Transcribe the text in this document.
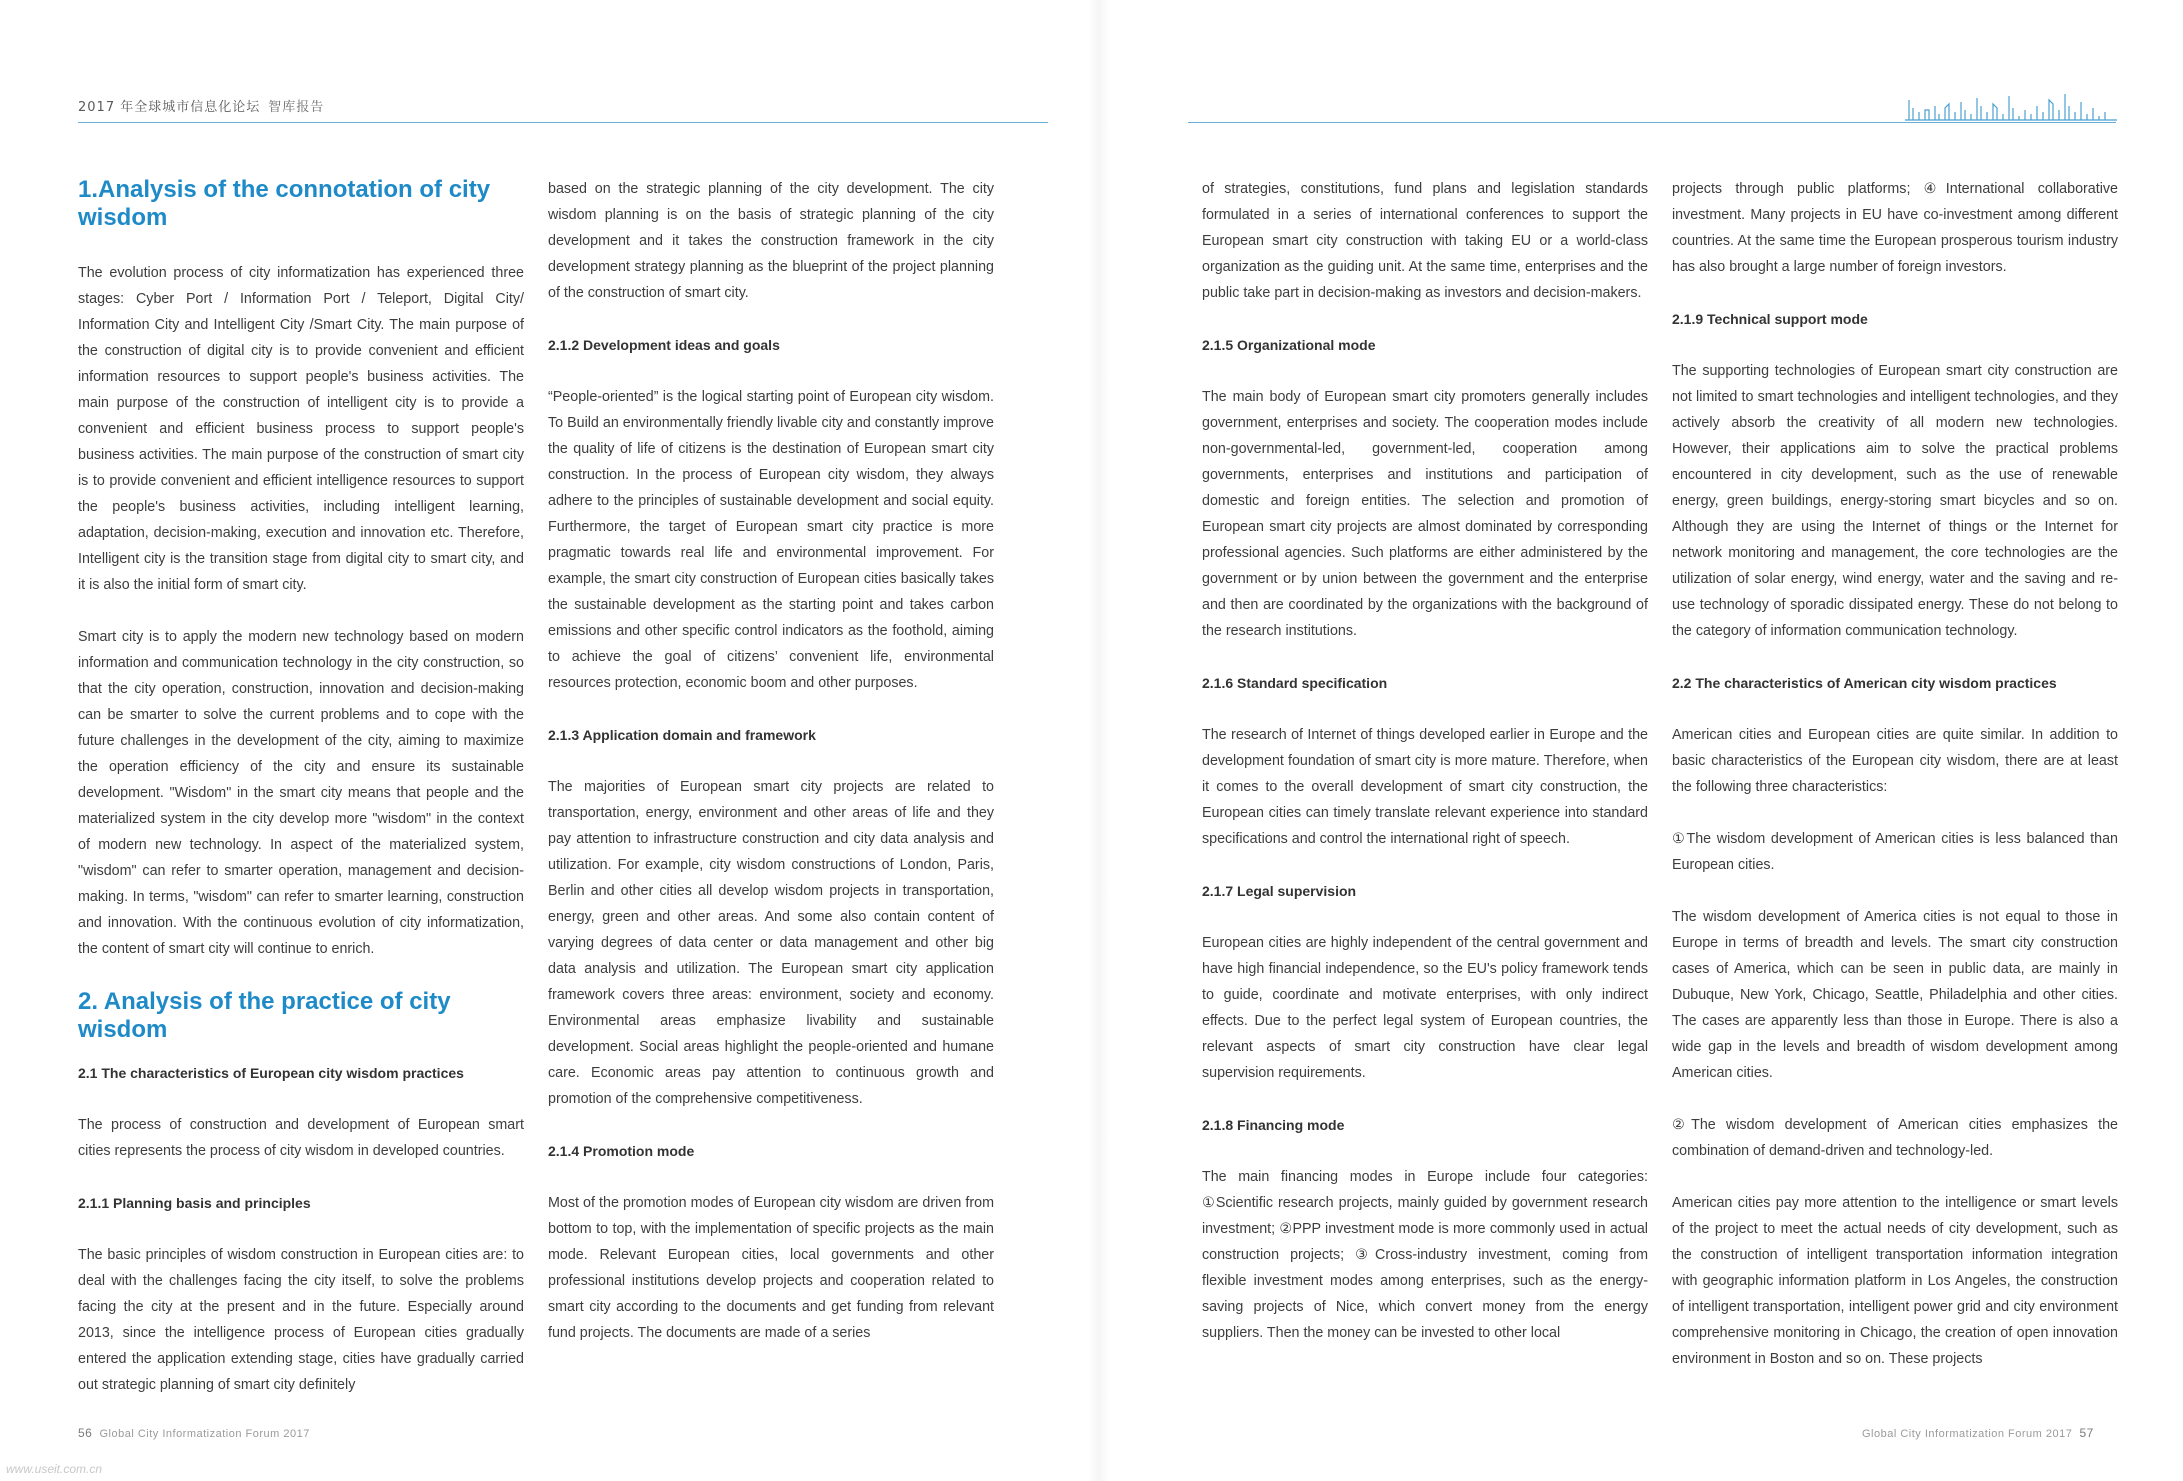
2017 年全球城市信息化论坛 智库报告
1.Analysis of the connotation of city wisdom

The evolution process of city informatization has experienced three stages: Cyber Port / Information Port / Teleport, Digital City/ Information City and Intelligent City /Smart City. The main purpose of the construction of digital city is to provide convenient and efficient information resources to support people's business activities. The main purpose of the construction of intelligent city is to provide a convenient and efficient business process to support people's business activities. The main purpose of the construction of smart city is to provide convenient and efficient intelligence resources to support the people's business activities, including intelligent learning, adaptation, decision-making, execution and innovation etc. Therefore, Intelligent city is the transition stage from digital city to smart city, and it is also the initial form of smart city.

Smart city is to apply the modern new technology based on modern information and communication technology in the city construction, so that the city operation, construction, innovation and decision-making can be smarter to solve the current problems and to cope with the future challenges in the development of the city, aiming to maximize the operation efficiency of the city and ensure its sustainable development. "Wisdom" in the smart city means that people and the materialized system in the city develop more "wisdom" in the context of modern new technology. In aspect of the materialized system, "wisdom" can refer to smarter operation, management and decision-making. In terms, "wisdom" can refer to smarter learning, construction and innovation. With the continuous evolution of city informatization, the content of smart city will continue to enrich.

2. Analysis of the practice of city wisdom
2.1 The characteristics of European city wisdom practices

The process of construction and development of European smart cities represents the process of city wisdom in developed countries.

2.1.1 Planning basis and principles

The basic principles of wisdom construction in European cities are: to deal with the challenges facing the city itself, to solve the problems facing the city at the present and in the future. Especially around 2013, since the intelligence process of European cities gradually entered the application extending stage, cities have gradually carried out strategic planning of smart city definitely

based on the strategic planning of the city development. The city wisdom planning is on the basis of strategic planning of the city development and it takes the construction framework in the city development strategy planning as the blueprint of the project planning of the construction of smart city.

2.1.2 Development ideas and goals

“People-oriented” is the logical starting point of European city wisdom. To Build an environmentally friendly livable city and constantly improve the quality of life of citizens is the destination of European smart city construction. In the process of European city wisdom, they always adhere to the principles of sustainable development and social equity. Furthermore, the target of European smart city practice is more pragmatic towards real life and environmental improvement. For example, the smart city construction of European cities basically takes the sustainable development as the starting point and takes carbon emissions and other specific control indicators as the foothold, aiming to achieve the goal of citizens’ convenient life, environmental resources protection, economic boom and other purposes.

2.1.3 Application domain and framework

The majorities of European smart city projects are related to transportation, energy, environment and other areas of life and they pay attention to infrastructure construction and city data analysis and utilization. For example, city wisdom constructions of London, Paris, Berlin and other cities all develop wisdom projects in transportation, energy, green and other areas. And some also contain content of varying degrees of data center or data management and other big data analysis and utilization. The European smart city application framework covers three areas: environment, society and economy. Environmental areas emphasize livability and sustainable development. Social areas highlight the people-oriented and humane care. Economic areas pay attention to continuous growth and promotion of the comprehensive competitiveness.

2.1.4 Promotion mode

Most of the promotion modes of European city wisdom are driven from bottom to top, with the implementation of specific projects as the main mode. Relevant European cities, local governments and other professional institutions develop projects and cooperation related to smart city according to the documents and get funding from relevant fund projects. The documents are made of a series

of strategies, constitutions, fund plans and legislation standards formulated in a series of international conferences to support the European smart city construction with taking EU or a world-class organization as the guiding unit. At the same time, enterprises and the public take part in decision-making as investors and decision-makers.

2.1.5 Organizational mode

The main body of European smart city promoters generally includes government, enterprises and society. The cooperation modes include non-governmental-led, government-led, cooperation among governments, enterprises and institutions and participation of domestic and foreign entities. The selection and promotion of European smart city projects are almost dominated by corresponding professional agencies. Such platforms are either administered by the government or by union between the government and the enterprise and then are coordinated by the organizations with the background of the research institutions.

2.1.6 Standard specification

The research of Internet of things developed earlier in Europe and the development foundation of smart city is more mature. Therefore, when it comes to the overall development of smart city construction, the European cities can timely translate relevant experience into standard specifications and control the international right of speech.

2.1.7 Legal supervision

European cities are highly independent of the central government and have high financial independence, so the EU's policy framework tends to guide, coordinate and motivate enterprises, with only indirect effects. Due to the perfect legal system of European countries, the relevant aspects of smart city construction have clear legal supervision requirements.

2.1.8 Financing mode

The main financing modes in Europe include four categories: ①Scientific research projects, mainly guided by government research investment; ②PPP investment mode is more commonly used in actual construction projects; ③Cross-industry investment, coming from flexible investment modes among enterprises, such as the energy-saving projects of Nice, which convert money from the energy suppliers. Then the money can be invested to other local

projects through public platforms; ④International collaborative investment. Many projects in EU have co-investment among different countries. At the same time the European prosperous tourism industry has also brought a large number of foreign investors.

2.1.9 Technical support mode

The supporting technologies of European smart city construction are not limited to smart technologies and intelligent technologies, and they actively absorb the creativity of all modern new technologies. However, their applications aim to solve the practical problems encountered in city development, such as the use of renewable energy, green buildings, energy-storing smart bicycles and so on. Although they are using the Internet of things or the Internet for network monitoring and management, the core technologies are the utilization of solar energy, wind energy, water and the saving and re-use technology of sporadic dissipated energy. These do not belong to the category of information communication technology.

2.2 The characteristics of American city wisdom practices

American cities and European cities are quite similar. In addition to basic characteristics of the European city wisdom, there are at least the following three characteristics:

①The wisdom development of American cities is less balanced than European cities.

The wisdom development of America cities is not equal to those in Europe in terms of breadth and levels. The smart city construction cases of America, which can be seen in public data, are mainly in Dubuque, New York, Chicago, Seattle, Philadelphia and other cities. The cases are apparently less than those in Europe. There is also a wide gap in the levels and breadth of wisdom development among American cities.

②The wisdom development of American cities emphasizes the combination of demand-driven and technology-led.

American cities pay more attention to the intelligence or smart levels of the project to meet the actual needs of city development, such as the construction of intelligent transportation information integration with geographic information platform in Los Angeles, the construction of intelligent transportation, intelligent power grid and city environment comprehensive monitoring in Chicago, the creation of open innovation environment in Boston and so on. These projects

56 Global City Informatization Forum 2017	Global City Informatization Forum 2017 57
www.useit.com.cn
